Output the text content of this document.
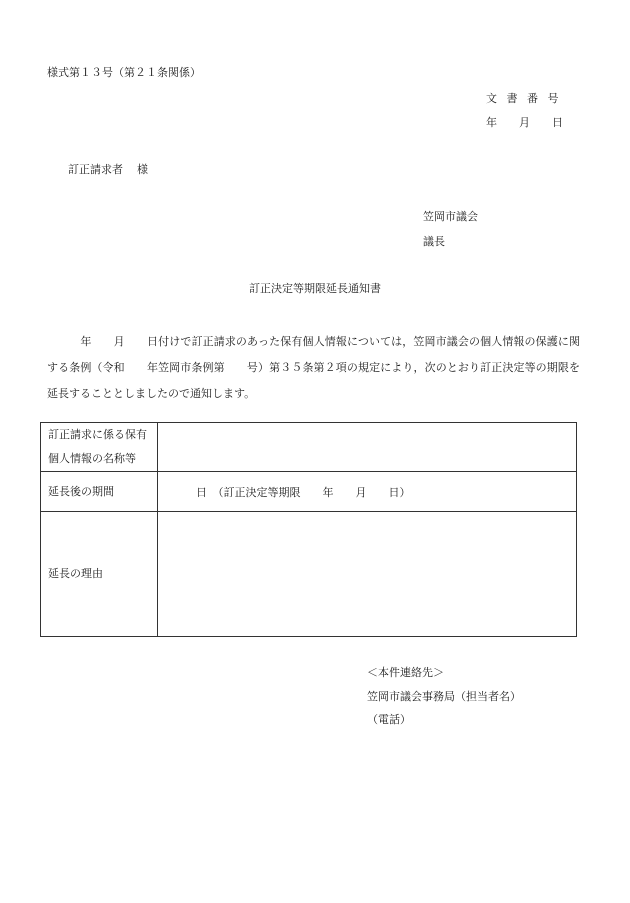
様式第１３号（第２１条関係）
文 書 番 号
年　　月　　日
訂正請求者 様
笠岡市議会
議長
訂正決定等期限延長通知書

　　　年　　月　　日付けで訂正請求のあった保有個人情報については，笠岡市議会の個人情報の保護に関する条例（令和　　年笠岡市条例第　　号）第３５条第２項の規定により，次のとおり訂正決定等の期限を延長することとしましたので通知します。

訂正請求に係る保有
個人情報の名称等	

延長後の期間	日　（訂正決定等期限　　年　　月　　日）
延長の理由	
＜本件連絡先＞
笠岡市議会事務局（担当者名）
（電話）
